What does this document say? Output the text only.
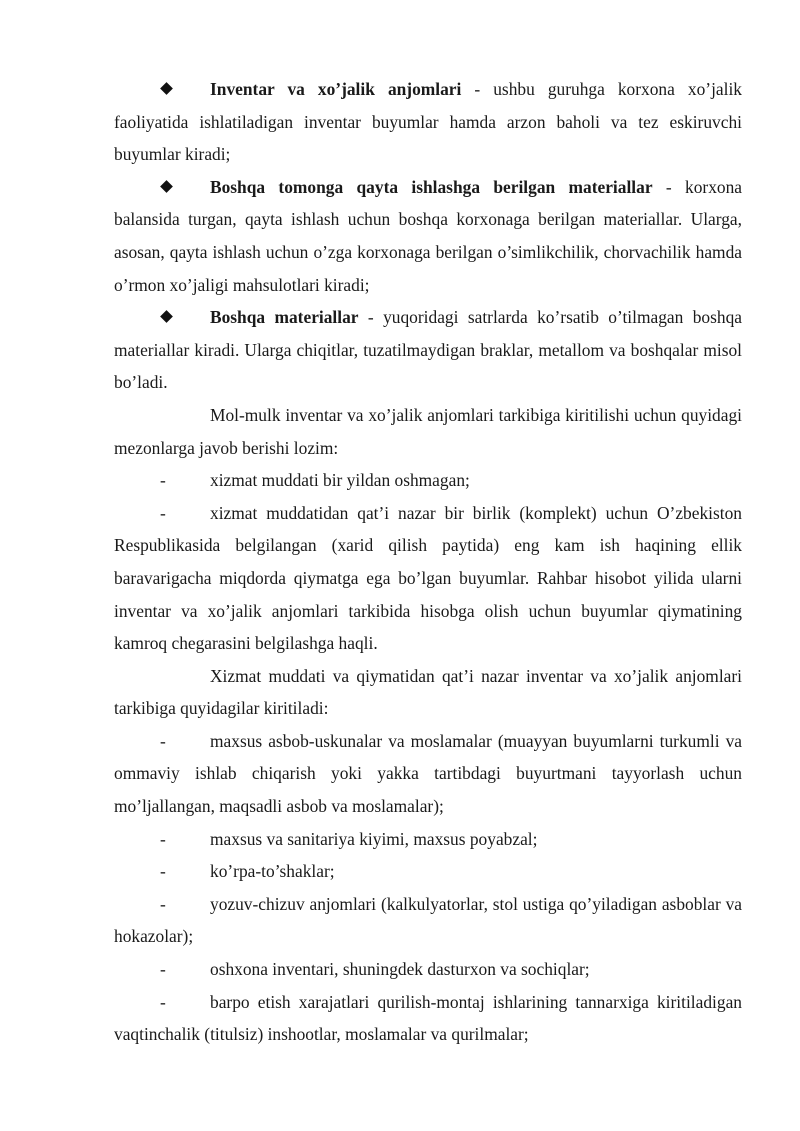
Inventar va xo’jalik anjomlari - ushbu guruhga korxona xo’jalik faoliyatida ishlatiladigan inventar buyumlar hamda arzon baholi va tez eskiruvchi buyumlar kiradi;

Boshqa tomonga qayta ishlashga berilgan materiallar - korxona balansida turgan, qayta ishlash uchun boshqa korxonaga berilgan materiallar. Ularga, asosan, qayta ishlash uchun o’zga korxonaga berilgan o’simlikchilik, chorvachilik hamda o’rmon xo’jaligi mahsulotlari kiradi;

Boshqa materiallar - yuqoridagi satrlarda ko’rsatib o’tilmagan boshqa materiallar kiradi. Ularga chiqitlar, tuzatilmaydigan braklar, metallom va boshqalar misol bo’ladi.

Mol-mulk inventar va xo’jalik anjomlari tarkibiga kiritilishi uchun quyidagi mezonlarga javob berishi lozim:

-	xizmat muddati bir yildan oshmagan;

-	xizmat muddatidan qat’i nazar bir birlik (komplekt) uchun O’zbekiston Respublikasida belgilangan (xarid qilish paytida) eng kam ish haqining ellik baravarigacha miqdorda qiymatga ega bo’lgan buyumlar. Rahbar hisobot yilida ularni inventar va xo’jalik anjomlari tarkibida hisobga olish uchun buyumlar qiymatining kamroq chegarasini belgilashga haqli.

Xizmat muddati va qiymatidan qat’i nazar inventar va xo’jalik anjomlari tarkibiga quyidagilar kiritiladi:

-	maxsus asbob-uskunalar va moslamalar (muayyan buyumlarni turkumli va ommaviy ishlab chiqarish yoki yakka tartibdagi buyurtmani tayyorlash uchun mo’ljallangan, maqsadli asbob va moslamalar);

-	maxsus va sanitariya kiyimi, maxsus poyabzal;

-	ko’rpa-to’shaklar;

-	yozuv-chizuv anjomlari (kalkulyatorlar, stol ustiga qo’yiladigan asboblar va hokazolar);

-	oshxona inventari, shuningdek dasturxon va sochiqlar;

-	barpo etish xarajatlari qurilish-montaj ishlarining tannarxiga kiritiladigan vaqtinchalik (titulsiz) inshootlar, moslamalar va qurilmalar;
